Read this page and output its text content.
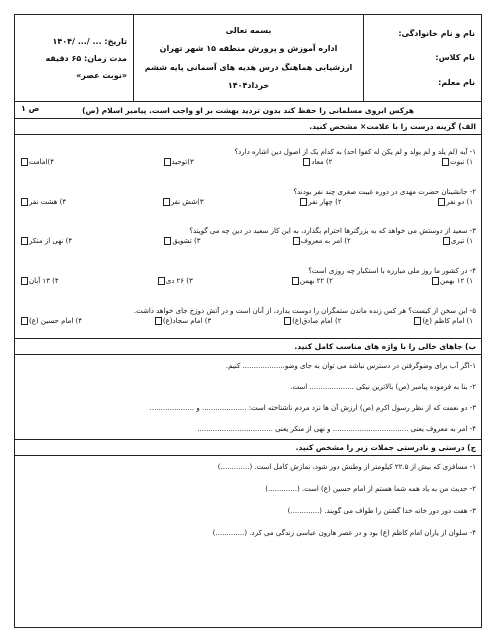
نام و نام خانوادگی:
نام کلاس:
نام معلم:
بسمه تعالی
اداره آموزش و پرورش منطقه ۱۵ شهر تهران
ارزشیابی هماهنگ درس هدیه های آسمانی پایه ششم
خرداد۱۴۰۴
تاریخ: ... /... /۱۴۰۴
مدت زمان: ۶۵ دقیقه
«نوبت عصر»
هرکس ابروی مسلمانی را حفظ کند بدون تردید بهشت بر او واجب است. پیامبر اسلام (ص)
ص ۱
الف) گزینه درست را با علامت× مشخص کنید.
۱- آیه (لم یلد و لم یولد و لم یکن له کفوا احد) به کدام یک از اصول دین اشاره دارد؟
۱) نبوت
۲) معاد
۳)توحید
۴)امامت
۲- جانشینان حضرت مهدی در دوره غیبت صغری چند نفر بودند؟
۱) دو نفر
۲) چهار نفر
۳)شش نفر
۴) هشت نفر
۳- سعید از دوستش می خواهد که به بزرگترها احترام بگذارد، به این کار سعید در دین چه می گویند؟
۱) تبری
۲) امر به معروف
۳) تشویق
۴) نهی از منکر
۴- در کشور ما روز ملی مبارزه با استکبار چه روزی است؟
۱) ۱۲ بهمن
۲) ۲۲ بهمن
۳) ۲۶ دی
۴) ۱۳ آبان
۵- این سخن از کیست؟ هر کس زنده ماندن ستمگران را دوست بدارد، از آنان است و در آتش دوزخ جای خواهد داشت.
۱) امام کاظم (ع)
۲) امام صادق(ع)
۳) امام سجاد(ع)
۴) امام حسین (ع)
ب) جاهای خالی را با واژه های مناسب کامل کنید.
۱-اگر آب برای وضوگرفتن در دسترس نباشد می توان به جای وضو................... کنیم.
۲- بنا به فرموده پیامبر (ص) بالاترین نیکی .................... است.
۳- دو نعمت که از نظر رسول اکرم (ص) ارزش آن ها نزد مردم ناشناخته است: .................... و ....................
۴- امر به معروف یعنی .................................. و نهی از منکر یعنی ..................................
ج) درستی و نادرستی جملات زیر را مشخص کنید.
۱- مسافری که بیش از ۲۲.۵ کیلومتر از وطنش دور شود، نمازش کامل است. (.............)
۲- حدیث من به یاد همه شما هستم از امام حسین (ع) است. (.............)
۳- هفت دور دور خانه خدا گشتن را طواف می گویند. (.............)
۴- سلوان از یاران امام کاظم (ع) بود و در عصر هارون عباسی زندگی می کرد. (.............)
